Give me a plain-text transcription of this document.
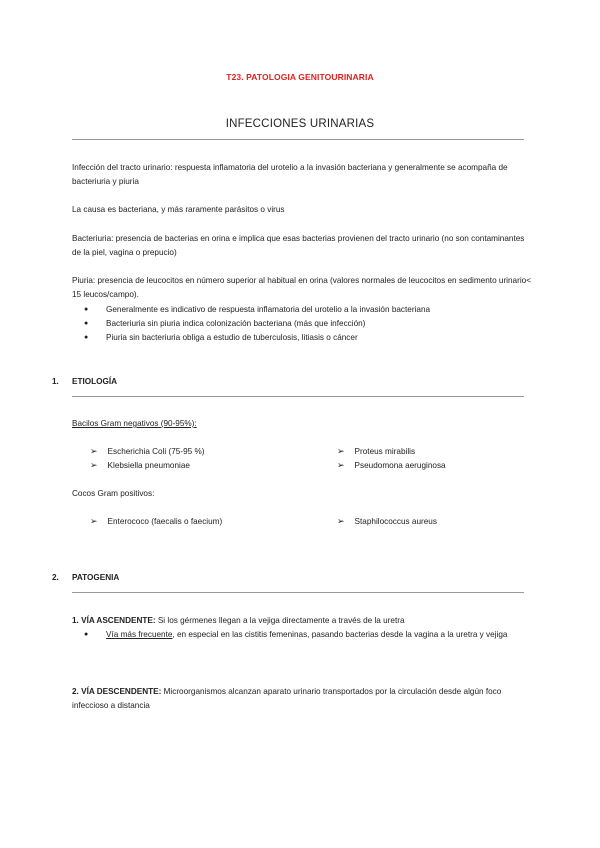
T23. PATOLOGIA GENITOURINARIA
INFECCIONES URINARIAS
Infección del tracto urinario: respuesta inflamatoria del urotelio a la invasión bacteriana y generalmente se acompaña de bacteriuria y piuria
La causa es bacteriana, y más raramente parásitos o virus
Bacteriuria: presencia de bacterias en orina e implica que esas bacterias provienen del tracto urinario (no son contaminantes de la piel, vagina o prepucio)
Piuria: presencia de leucocitos en número superior al habitual en orina (valores normales de leucocitos en sedimento urinario< 15 leucos/campo).
● Generalmente es indicativo de respuesta inflamatoria del urotelio a la invasión bacteriana
● Bacteriuria sin piuria indica colonización bacteriana (más que infección)
● Piuria sin bacteriuria obliga a estudio de tuberculosis, litiasis o cáncer
1. ETIOLOGÍA
Bacilos Gram negativos (90-95%):
➢ Escherichia Coli (75-95 %)
➢ Klebsiella pneumoniae
➢ Proteus mirabilis
➢ Pseudomona aeruginosa
Cocos Gram positivos:
➢ Enterococo (faecalis o faecium)	➢ Staphilococcus aureus
2. PATOGENIA
1. VÍA ASCENDENTE: Si los gérmenes llegan a la vejiga directamente a través de la uretra
● Vía más frecuente, en especial en las cistitis femeninas, pasando bacterias desde la vagina a la uretra y vejiga
2. VÍA DESCENDENTE: Microorganismos alcanzan aparato urinario transportados por la circulación desde algún foco infeccioso a distancia
